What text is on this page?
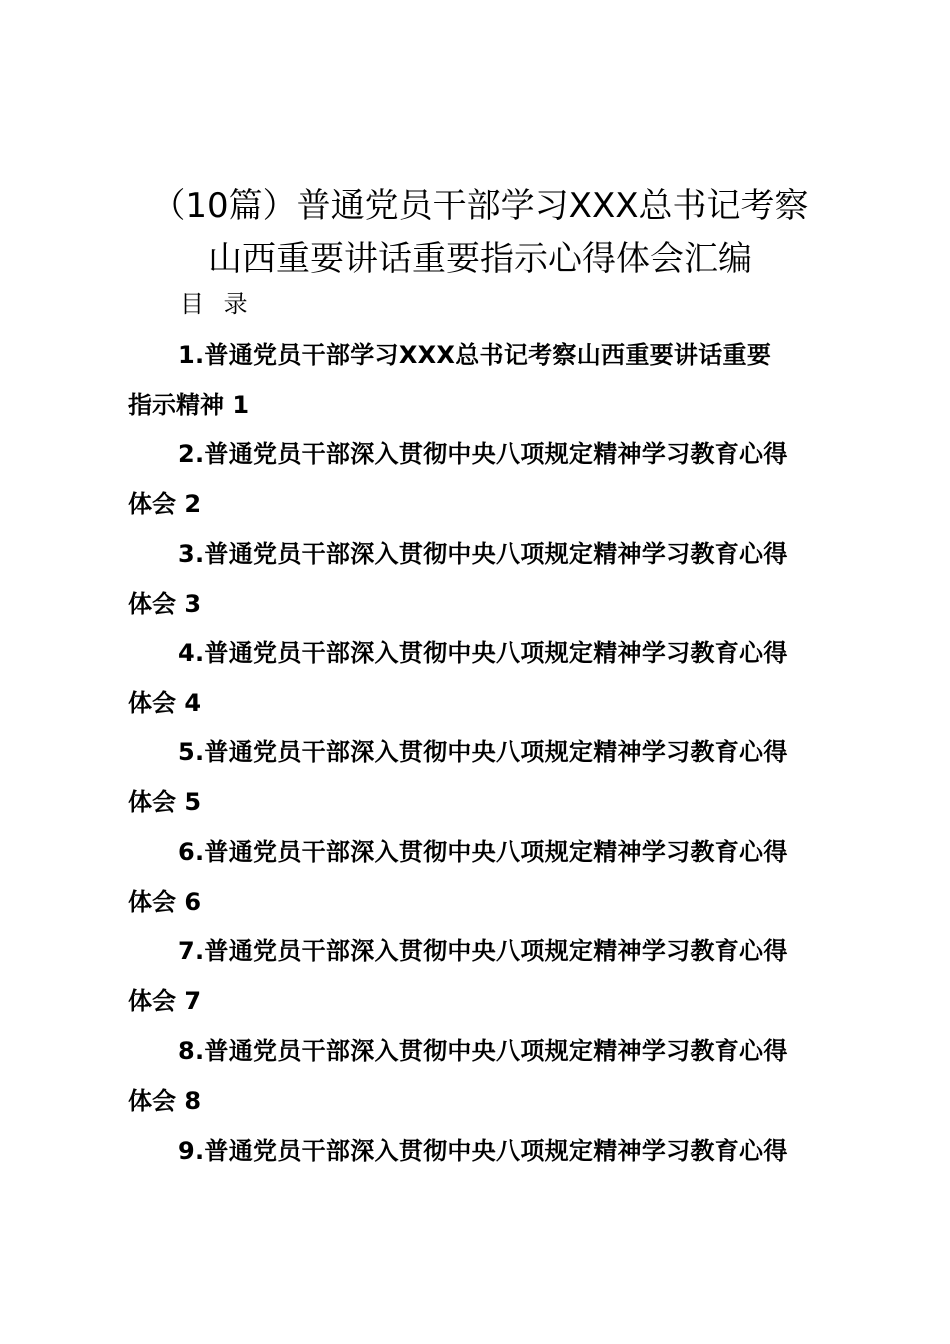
（10篇）普通党员干部学习XXX总书记考察
山西重要讲话重要指示心得体会汇编
目 录
1.普通党员干部学习XXX总书记考察山西重要讲话重要
指示精神 1
2.普通党员干部深入贯彻中央八项规定精神学习教育心得
体会 2
3.普通党员干部深入贯彻中央八项规定精神学习教育心得
体会 3
4.普通党员干部深入贯彻中央八项规定精神学习教育心得
体会 4
5.普通党员干部深入贯彻中央八项规定精神学习教育心得
体会 5
6.普通党员干部深入贯彻中央八项规定精神学习教育心得
体会 6
7.普通党员干部深入贯彻中央八项规定精神学习教育心得
体会 7
8.普通党员干部深入贯彻中央八项规定精神学习教育心得
体会 8
9.普通党员干部深入贯彻中央八项规定精神学习教育心得
